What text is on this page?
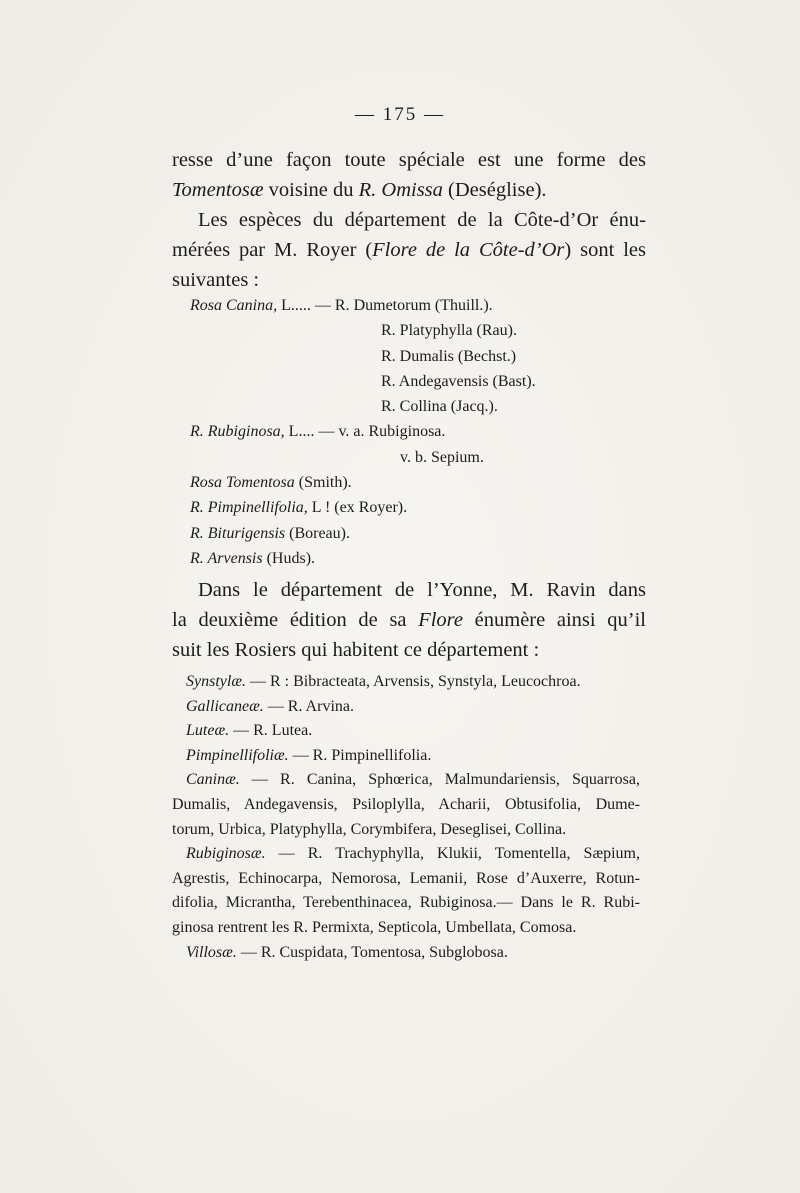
— 175 —
resse d’une façon toute spéciale est une forme des
Tomentosæ voisine du R. Omissa (Deséglise).
Les espèces du département de la Côte-d’Or énu-
mérées par M. Royer (Flore de la Côte-d’Or) sont les
suivantes :
Rosa Canina, L..... — R. Dumetorum (Thuill.).
R. Platyphylla (Rau).
R. Dumalis (Bechst.)
R. Andegavensis (Bast).
R. Collina (Jacq.).
R. Rubiginosa, L.... — v. a. Rubiginosa.
v. b. Sepium.
Rosa Tomentosa (Smith).
R. Pimpinellifolia, L ! (ex Royer).
R. Biturigensis (Boreau).
R. Arvensis (Huds).
Dans le département de l’Yonne, M. Ravin dans
la deuxième édition de sa Flore énumère ainsi qu’il
suit les Rosiers qui habitent ce département :
Synstylæ. — R : Bibracteata, Arvensis, Synstyla, Leucochroa.
Gallicaneæ. — R. Arvina.
Luteæ. — R. Lutea.
Pimpinellifoliæ. — R. Pimpinellifolia.
Caninæ. — R. Canina, Sphœrica, Malmundariensis, Squarrosa,
Dumalis, Andegavensis, Psiloplylla, Acharii, Obtusifolia, Dume-
torum, Urbica, Platyphylla, Corymbifera, Deseglisei, Collina.
Rubiginosæ. — R. Trachyphylla, Klukii, Tomentella, Sæpium,
Agrestis, Echinocarpa, Nemorosa, Lemanii, Rose d’Auxerre, Rotun-
difolia, Micrantha, Terebenthinacea, Rubiginosa.— Dans le R. Rubi-
ginosa rentrent les R. Permixta, Septicola, Umbellata, Comosa.
Villosæ. — R. Cuspidata, Tomentosa, Subglobosa.
